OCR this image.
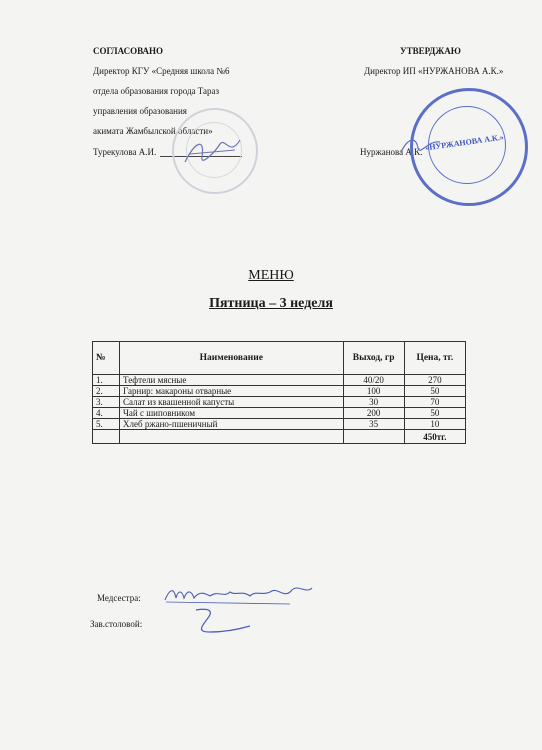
СОГЛАСОВАНО
Директор КГУ «Средняя школа №6
отдела образования города Тараз
управления образования
акимата Жамбылской области»
Турекулова А.И.
УТВЕРДЖАЮ
Директор ИП «НУРЖАНОВА А.К.»
Нуржанова А.К. «НУРЖАНОВА А.К.»
МЕНЮ
Пятница – 3 неделя
№	Наименование	Выход, гр	Цена, тг.
1.	Тефтели мясные	40/20	270
2.	Гарнир: макароны отварные	100	50
3.	Салат из квашенной капусты	30	70
4.	Чай с шиповником	200	50
5.	Хлеб ржано-пшеничный	35	10
			450тг.
Медсестра:
Зав.столовой:
